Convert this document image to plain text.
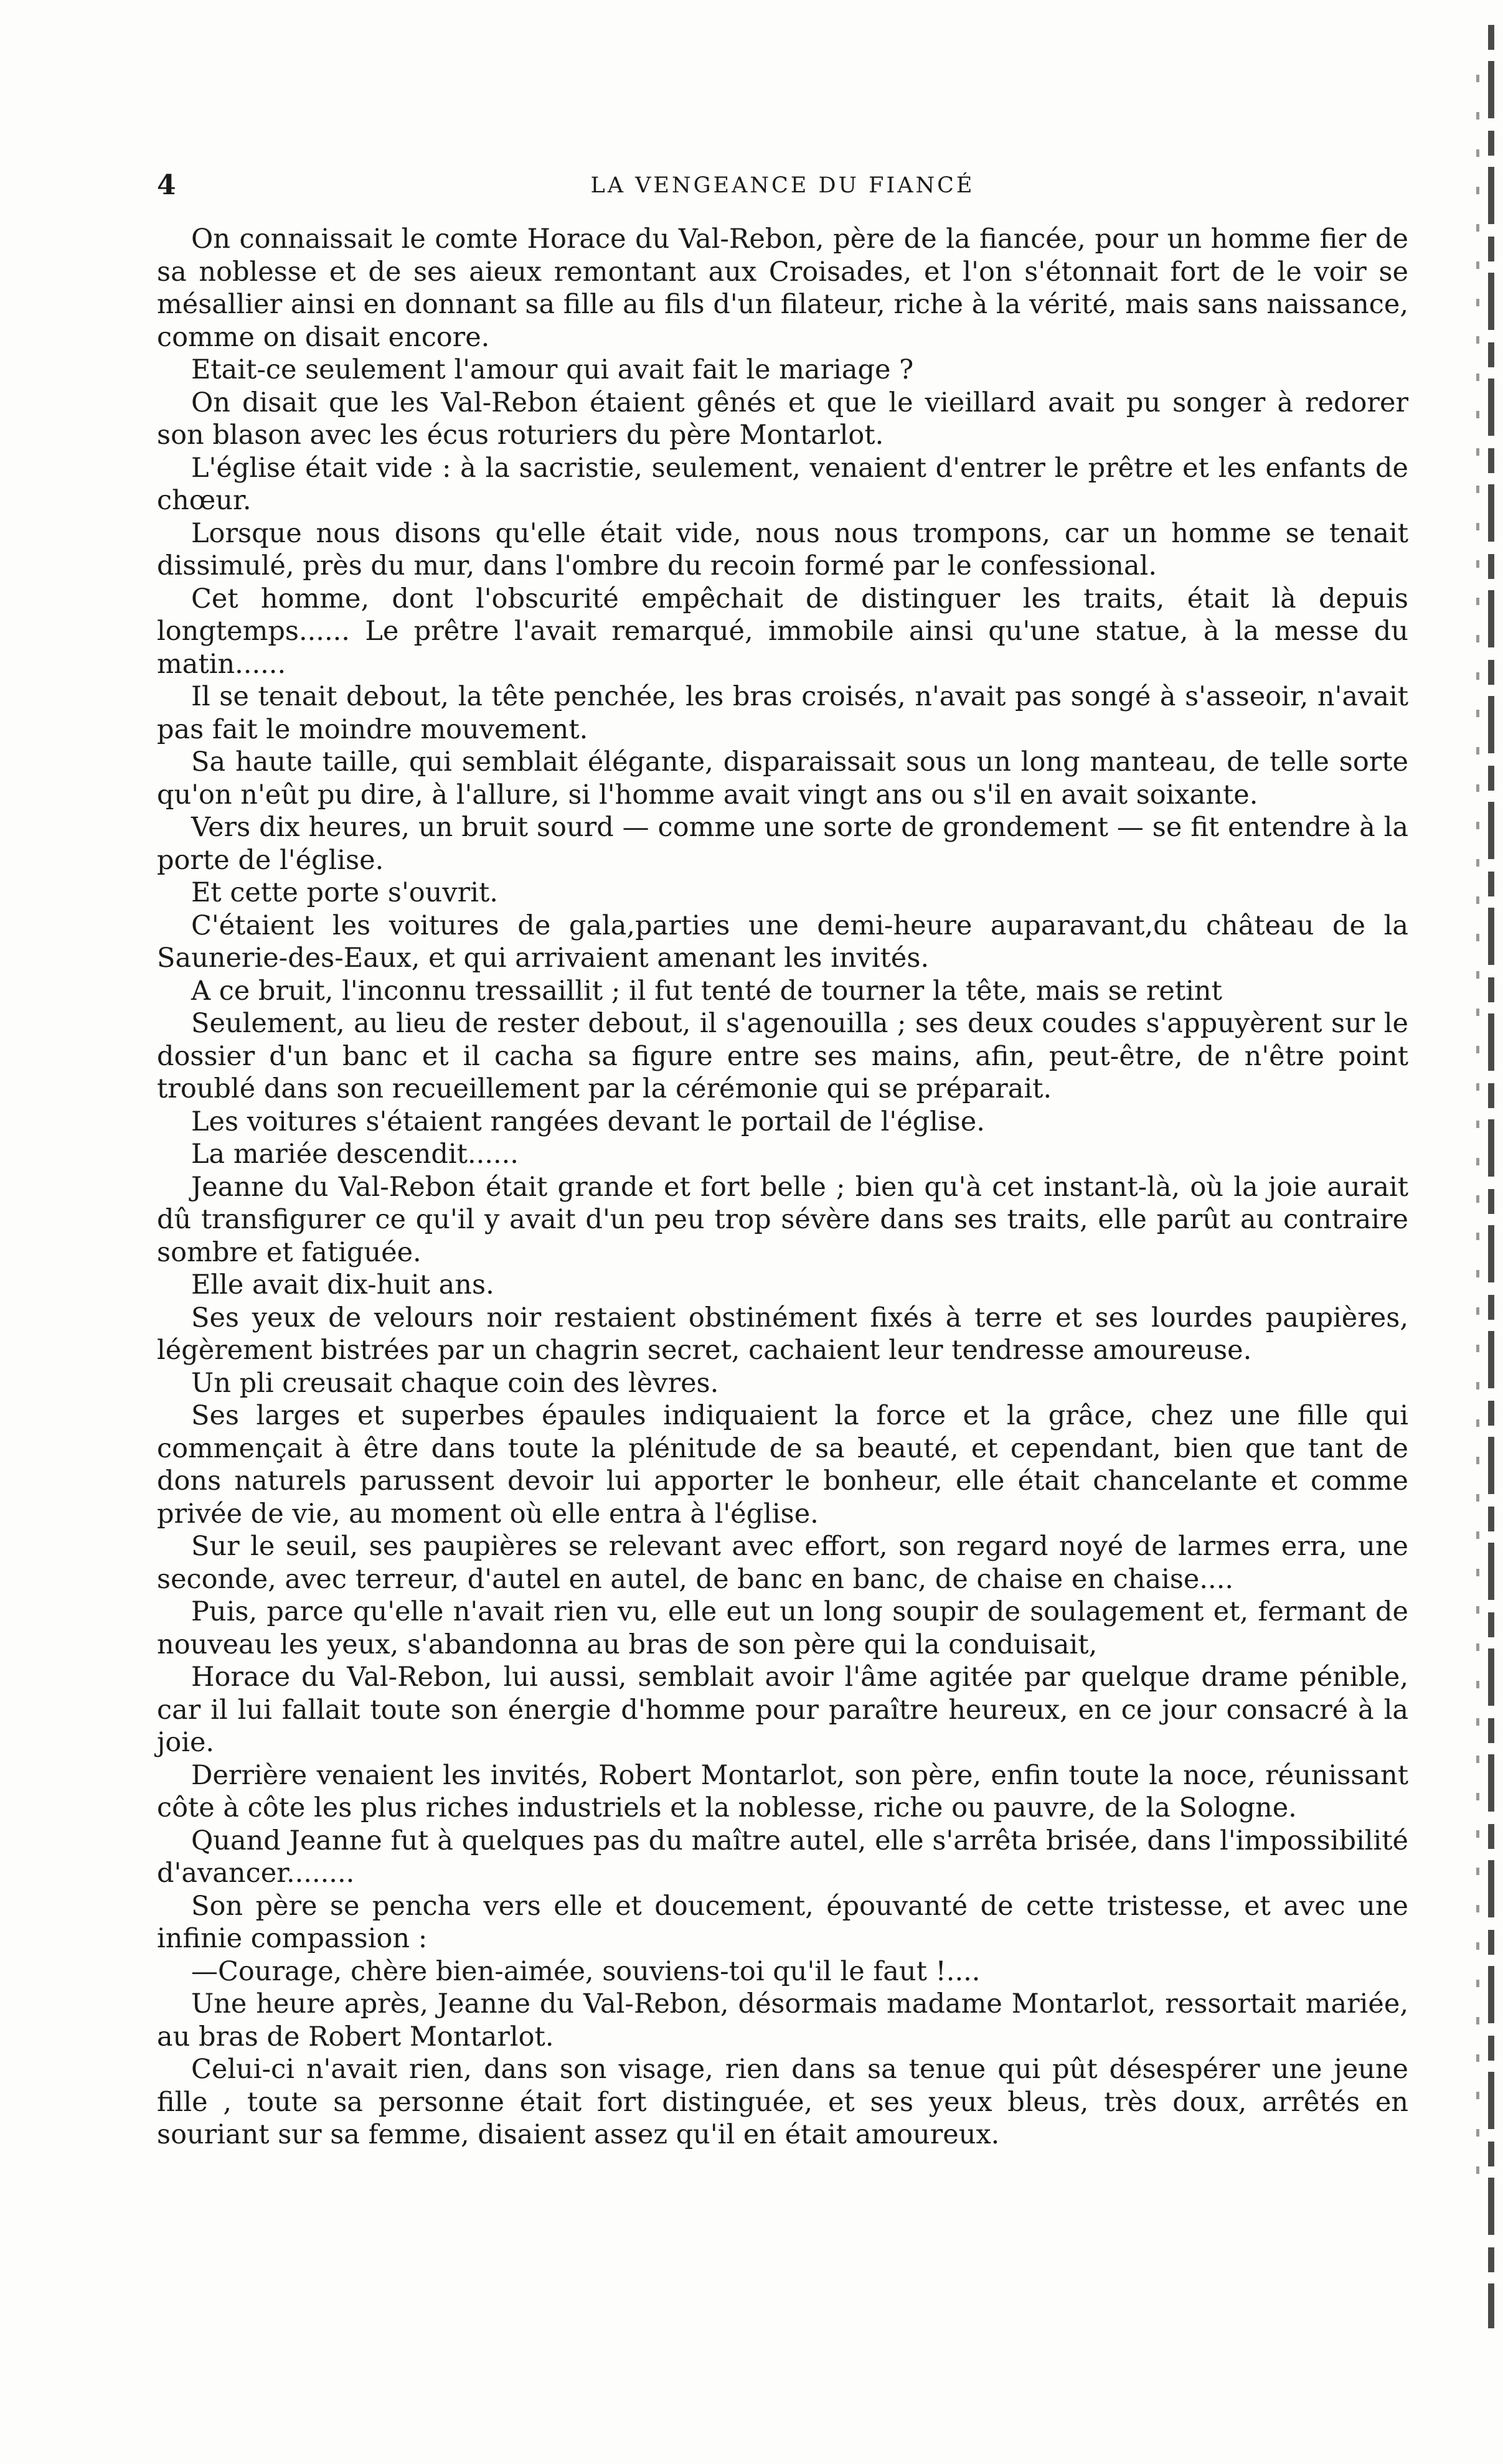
4	LA VENGEANCE DU FIANCÉ

On connaissait le comte Horace du Val-Rebon, père de la fiancée, pour un homme fier de sa noblesse et de ses aieux remontant aux Croisades, et l'on s'étonnait fort de le voir se mésallier ainsi en donnant sa fille au fils d'un filateur, riche à la vérité, mais sans naissance, comme on disait encore.

Etait-ce seulement l'amour qui avait fait le mariage ?

On disait que les Val-Rebon étaient gênés et que le vieillard avait pu songer à redorer son blason avec les écus roturiers du père Montarlot.

L'église était vide : à la sacristie, seulement, venaient d'entrer le prêtre et les enfants de chœur.

Lorsque nous disons qu'elle était vide, nous nous trompons, car un homme se tenait dissimulé, près du mur, dans l'ombre du recoin formé par le confessional.

Cet homme, dont l'obscurité empêchait de distinguer les traits, était là depuis longtemps...... Le prêtre l'avait remarqué, immobile ainsi qu'une statue, à la messe du matin......

Il se tenait debout, la tête penchée, les bras croisés, n'avait pas songé à s'asseoir, n'avait pas fait le moindre mouvement.

Sa haute taille, qui semblait élégante, disparaissait sous un long manteau, de telle sorte qu'on n'eût pu dire, à l'allure, si l'homme avait vingt ans ou s'il en avait soixante.

Vers dix heures, un bruit sourd — comme une sorte de grondement — se fit entendre à la porte de l'église.

Et cette porte s'ouvrit.

C'étaient les voitures de gala,parties une demi-heure auparavant,du château de la Saunerie-des-Eaux, et qui arrivaient amenant les invités.

A ce bruit, l'inconnu tressaillit ; il fut tenté de tourner la tête, mais se retint

Seulement, au lieu de rester debout, il s'agenouilla ; ses deux coudes s'appuyèrent sur le dossier d'un banc et il cacha sa figure entre ses mains, afin, peut-être, de n'être point troublé dans son recueillement par la cérémonie qui se préparait.

Les voitures s'étaient rangées devant le portail de l'église.

La mariée descendit......

Jeanne du Val-Rebon était grande et fort belle ; bien qu'à cet instant-là, où la joie aurait dû transfigurer ce qu'il y avait d'un peu trop sévère dans ses traits, elle parût au contraire sombre et fatiguée.

Elle avait dix-huit ans.

Ses yeux de velours noir restaient obstinément fixés à terre et ses lourdes paupières, légèrement bistrées par un chagrin secret, cachaient leur tendresse amoureuse.

Un pli creusait chaque coin des lèvres.

Ses larges et superbes épaules indiquaient la force et la grâce, chez une fille qui commençait à être dans toute la plénitude de sa beauté, et cependant, bien que tant de dons naturels parussent devoir lui apporter le bonheur, elle était chancelante et comme privée de vie, au moment où elle entra à l'église.

Sur le seuil, ses paupières se relevant avec effort, son regard noyé de larmes erra, une seconde, avec terreur, d'autel en autel, de banc en banc, de chaise en chaise....

Puis, parce qu'elle n'avait rien vu, elle eut un long soupir de soulagement et, fermant de nouveau les yeux, s'abandonna au bras de son père qui la conduisait,

Horace du Val-Rebon, lui aussi, semblait avoir l'âme agitée par quelque drame pénible, car il lui fallait toute son énergie d'homme pour paraître heureux, en ce jour consacré à la joie.

Derrière venaient les invités, Robert Montarlot, son père, enfin toute la noce, réunissant côte à côte les plus riches industriels et la noblesse, riche ou pauvre, de la Sologne.

Quand Jeanne fut à quelques pas du maître autel, elle s'arrêta brisée, dans l'impossibilité d'avancer........

Son père se pencha vers elle et doucement, épouvanté de cette tristesse, et avec une infinie compassion :

—Courage, chère bien-aimée, souviens-toi qu'il le faut !....

Une heure après, Jeanne du Val-Rebon, désormais madame Montarlot, ressortait mariée, au bras de Robert Montarlot.

Celui-ci n'avait rien, dans son visage, rien dans sa tenue qui pût désespérer une jeune fille , toute sa personne était fort distinguée, et ses yeux bleus, très doux, arrêtés en souriant sur sa femme, disaient assez qu'il en était amoureux.
